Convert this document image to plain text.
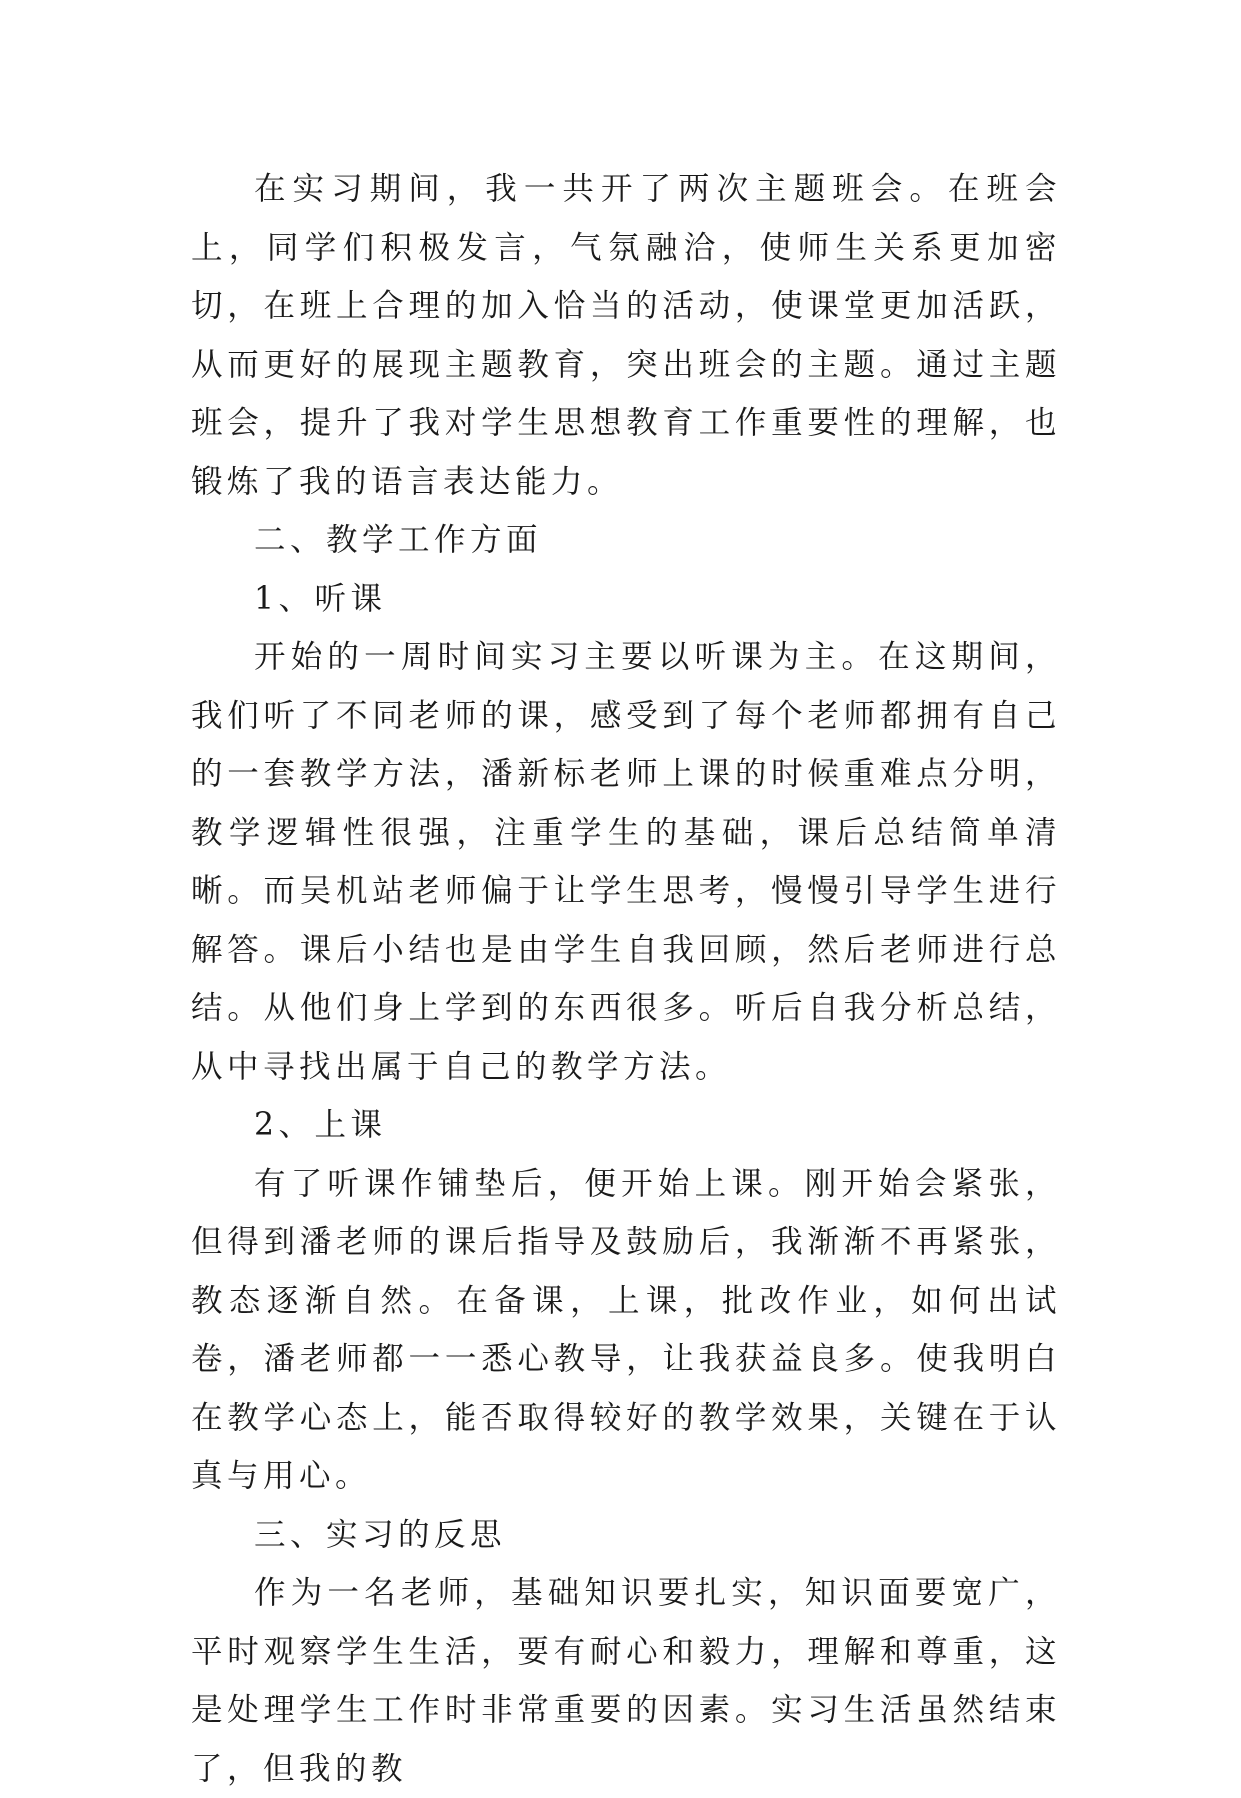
在实习期间，我一共开了两次主题班会。在班会上，同学们积极发言，气氛融洽，使师生关系更加密切，在班上合理的加入恰当的活动，使课堂更加活跃，从而更好的展现主题教育，突出班会的主题。通过主题班会，提升了我对学生思想教育工作重要性的理解，也锻炼了我的语言表达能力。

二、教学工作方面

1、听课

开始的一周时间实习主要以听课为主。在这期间，我们听了不同老师的课，感受到了每个老师都拥有自己的一套教学方法，潘新标老师上课的时候重难点分明，教学逻辑性很强，注重学生的基础，课后总结简单清晰。而吴机站老师偏于让学生思考，慢慢引导学生进行解答。课后小结也是由学生自我回顾，然后老师进行总结。从他们身上学到的东西很多。听后自我分析总结，从中寻找出属于自己的教学方法。

2、上课

有了听课作铺垫后，便开始上课。刚开始会紧张，但得到潘老师的课后指导及鼓励后，我渐渐不再紧张，教态逐渐自然。在备课，上课，批改作业，如何出试卷，潘老师都一一悉心教导，让我获益良多。使我明白在教学心态上，能否取得较好的教学效果，关键在于认真与用心。

三、实习的反思

作为一名老师，基础知识要扎实，知识面要宽广，平时观察学生生活，要有耐心和毅力，理解和尊重，这是处理学生工作时非常重要的因素。实习生活虽然结束了，但我的教
